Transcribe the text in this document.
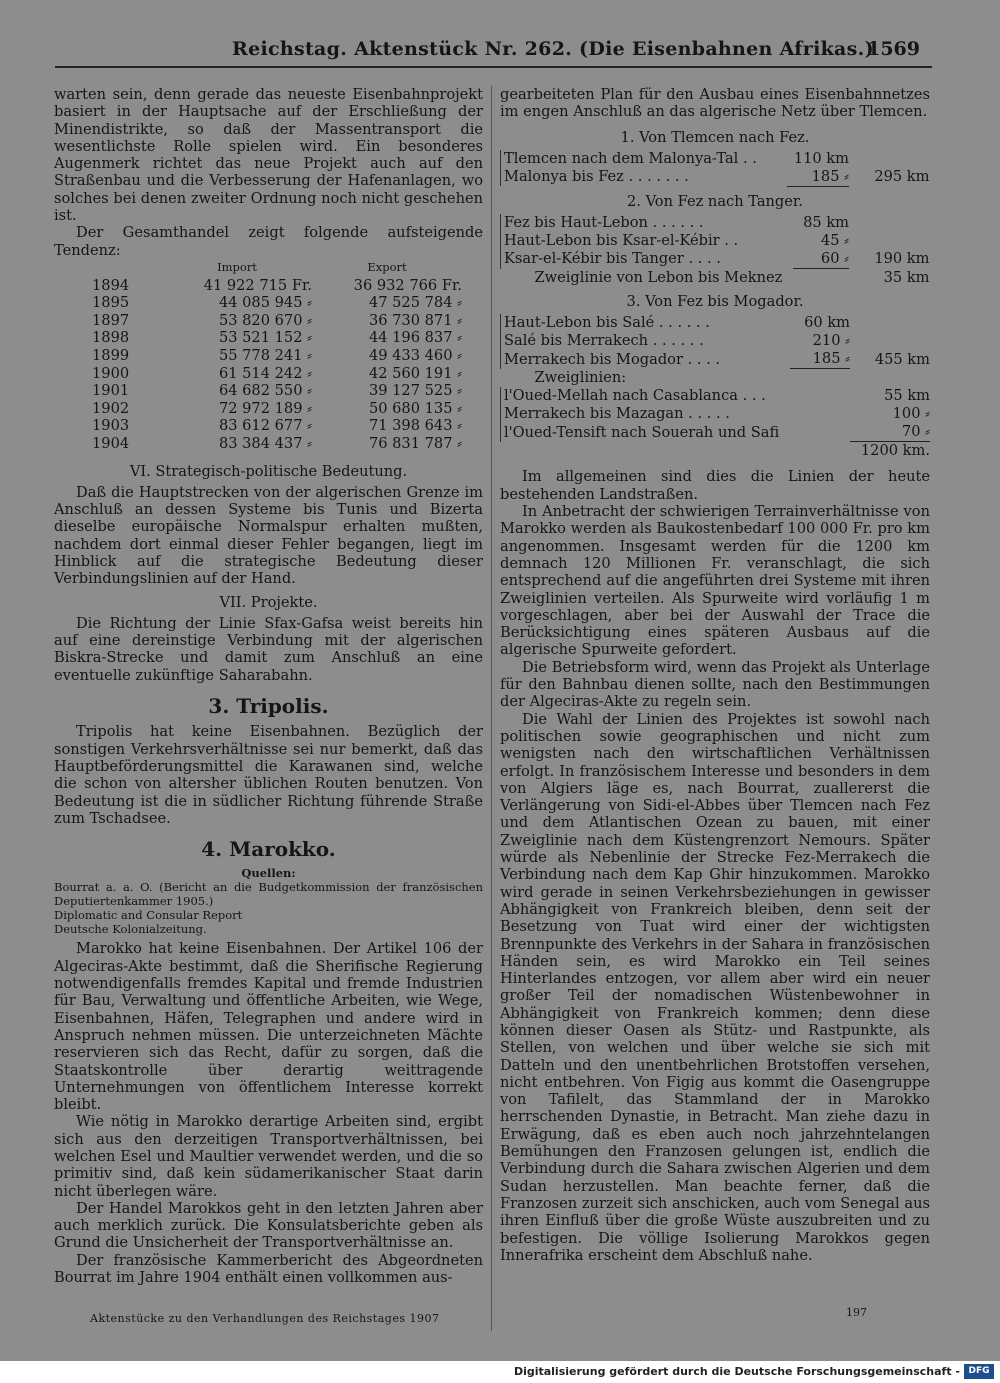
Reichstag. Aktenstück Nr. 262. (Die Eisenbahnen Afrikas.)
1569

warten sein, denn gerade das neueste Eisenbahnprojekt basiert in der Hauptsache auf der Erschließung der Minendistrikte, so daß der Massentransport die wesentlichste Rolle spielen wird. Ein besonderes Augenmerk richtet das neue Projekt auch auf den Straßenbau und die Verbesserung der Hafenanlagen, wo solches bei denen zweiter Ordnung noch nicht geschehen ist.

Der Gesamthandel zeigt folgende aufsteigende Tendenz:

	Import	Export
1894	41 922 715 Fr.	36 932 766 Fr.
1895	44 085 945 ⸗	47 525 784 ⸗
1897	53 820 670 ⸗	36 730 871 ⸗
1898	53 521 152 ⸗	44 196 837 ⸗
1899	55 778 241 ⸗	49 433 460 ⸗
1900	61 514 242 ⸗	42 560 191 ⸗
1901	64 682 550 ⸗	39 127 525 ⸗
1902	72 972 189 ⸗	50 680 135 ⸗
1903	83 612 677 ⸗	71 398 643 ⸗
1904	83 384 437 ⸗	76 831 787 ⸗
VI. Strategisch-politische Bedeutung.

Daß die Hauptstrecken von der algerischen Grenze im Anschluß an dessen Systeme bis Tunis und Bizerta dieselbe europäische Normalspur erhalten mußten, nachdem dort einmal dieser Fehler begangen, liegt im Hinblick auf die strategische Bedeutung dieser Verbindungslinien auf der Hand.

VII. Projekte.

Die Richtung der Linie Sfax-Gafsa weist bereits hin auf eine dereinstige Verbindung mit der algerischen Biskra-Strecke und damit zum Anschluß an eine eventuelle zukünftige Saharabahn.

3. Tripolis.

Tripolis hat keine Eisenbahnen. Bezüglich der sonstigen Verkehrsverhältnisse sei nur bemerkt, daß das Hauptbeförderungsmittel die Karawanen sind, welche die schon von altersher üblichen Routen benutzen. Von Bedeutung ist die in südlicher Richtung führende Straße zum Tschadsee.

4. Marokko.
Quellen:

Bourrat a. a. O. (Bericht an die Budgetkommission der französischen Deputiertenkammer 1905.)

Diplomatic and Consular Report

Deutsche Kolonialzeitung.

Marokko hat keine Eisenbahnen. Der Artikel 106 der Algeciras-Akte bestimmt, daß die Sherifische Regierung notwendigenfalls fremdes Kapital und fremde Industrien für Bau, Verwaltung und öffentliche Arbeiten, wie Wege, Eisenbahnen, Häfen, Telegraphen und andere wird in Anspruch nehmen müssen. Die unterzeichneten Mächte reservieren sich das Recht, dafür zu sorgen, daß die Staatskontrolle über derartig weittragende Unternehmungen von öffentlichem Interesse korrekt bleibt.

Wie nötig in Marokko derartige Arbeiten sind, ergibt sich aus den derzeitigen Transportverhältnissen, bei welchen Esel und Maultier verwendet werden, und die so primitiv sind, daß kein südamerikanischer Staat darin nicht überlegen wäre.

Der Handel Marokkos geht in den letzten Jahren aber auch merklich zurück. Die Konsulatsberichte geben als Grund die Unsicherheit der Transportverhältnisse an.

Der französische Kammerbericht des Abgeordneten Bourrat im Jahre 1904 enthält einen vollkommen aus-

gearbeiteten Plan für den Ausbau eines Eisenbahnnetzes im engen Anschluß an das algerische Netz über Tlemcen.

1. Von Tlemcen nach Fez.
Tlemcen nach dem Malonya-Tal . .	110 km	
Malonya bis Fez . . . . . . .	185 ⸗	295 km
2. Von Fez nach Tanger.
Fez bis Haut-Lebon . . . . . .	85 km	
Haut-Lebon bis Ksar-el-Kébir . .	45 ⸗	
Ksar-el-Kébir bis Tanger . . . .	60 ⸗	190 km
Zweiglinie von Lebon bis Meknez		35 km
3. Von Fez bis Mogador.
Haut-Lebon bis Salé . . . . . .	60 km	
Salé bis Merrakech . . . . . .	210 ⸗	
Merrakech bis Mogador . . . .	185 ⸗	455 km
Zweiglinien:		
l'Oued-Mellah nach Casablanca . . .		55 km
Merrakech bis Mazagan . . . . .		100 ⸗
l'Oued-Tensift nach Souerah und Safi		70 ⸗
		1200 km.

Im allgemeinen sind dies die Linien der heute bestehenden Landstraßen.

In Anbetracht der schwierigen Terrainverhältnisse von Marokko werden als Baukostenbedarf 100 000 Fr. pro km angenommen. Insgesamt werden für die 1200 km demnach 120 Millionen Fr. veranschlagt, die sich entsprechend auf die angeführten drei Systeme mit ihren Zweiglinien verteilen. Als Spurweite wird vorläufig 1 m vorgeschlagen, aber bei der Auswahl der Trace die Berücksichtigung eines späteren Ausbaus auf die algerische Spurweite gefordert.

Die Betriebsform wird, wenn das Projekt als Unterlage für den Bahnbau dienen sollte, nach den Bestimmungen der Algeciras-Akte zu regeln sein.

Die Wahl der Linien des Projektes ist sowohl nach politischen sowie geographischen und nicht zum wenigsten nach den wirtschaftlichen Verhältnissen erfolgt. In französischem Interesse und besonders in dem von Algiers läge es, nach Bourrat, zuallererst die Verlängerung von Sidi-el-Abbes über Tlemcen nach Fez und dem Atlantischen Ozean zu bauen, mit einer Zweiglinie nach dem Küstengrenzort Nemours. Später würde als Nebenlinie der Strecke Fez-Merrakech die Verbindung nach dem Kap Ghir hinzukommen. Marokko wird gerade in seinen Verkehrsbeziehungen in gewisser Abhängigkeit von Frankreich bleiben, denn seit der Besetzung von Tuat wird einer der wichtigsten Brennpunkte des Verkehrs in der Sahara in französischen Händen sein, es wird Marokko ein Teil seines Hinterlandes entzogen, vor allem aber wird ein neuer großer Teil der nomadischen Wüstenbewohner in Abhängigkeit von Frankreich kommen; denn diese können dieser Oasen als Stütz- und Rastpunkte, als Stellen, von welchen und über welche sie sich mit Datteln und den unentbehrlichen Brotstoffen versehen, nicht entbehren. Von Figig aus kommt die Oasengruppe von Tafilelt, das Stammland der in Marokko herrschenden Dynastie, in Betracht. Man ziehe dazu in Erwägung, daß es eben auch noch jahrzehntelangen Bemühungen den Franzosen gelungen ist, endlich die Verbindung durch die Sahara zwischen Algerien und dem Sudan herzustellen. Man beachte ferner, daß die Franzosen zurzeit sich anschicken, auch vom Senegal aus ihren Einfluß über die große Wüste auszubreiten und zu befestigen. Die völlige Isolierung Marokkos gegen Innerafrika erscheint dem Abschluß nahe.

Aktenstücke zu den Verhandlungen des Reichstages 1907	197
Digitalisierung gefördert durch die Deutsche Forschungsgemeinschaft - DFG
